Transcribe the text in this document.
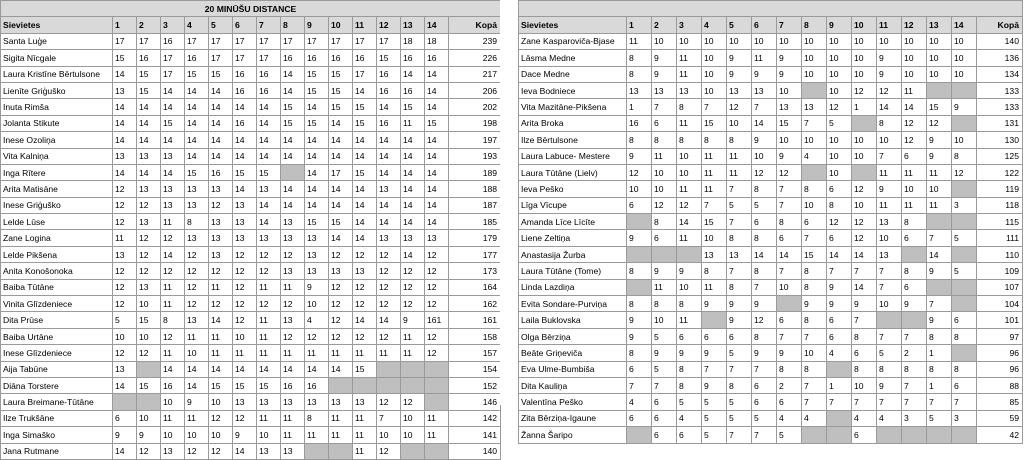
20 MINŪŠU DISTANCE															
Sievietes	1	2	3	4	5	6	7	8	9	10	11	12	13	14	Kopā
Santa Luģe	17	17	16	17	17	17	17	17	17	17	17	17	18	18	239
Sigita Nīcgale	15	16	17	16	17	17	17	16	16	16	16	15	16	16	226
Laura Kristīne Bērtulsone	14	15	17	15	15	16	16	14	15	15	17	16	14	14	217
Lienīte Griģuško	13	15	14	14	14	16	16	14	15	15	14	16	16	14	206
Inuta Rimša	14	14	14	14	14	14	14	15	14	15	15	14	15	14	202
Jolanta Stikute	14	14	15	14	14	16	14	15	15	14	15	16	11	15	198
Inese Ozoliņa	14	14	14	14	14	14	14	14	14	14	14	14	14	14	197
Vita Kalniņa	13	13	13	14	14	14	14	14	14	14	14	14	14	14	193
Inga Rītere	14	14	14	15	16	15	15		14	17	15	14	14	14	189
Arita Matisāne	12	13	13	13	13	14	13	14	14	14	14	13	14	14	188
Inese Griģuško	12	12	13	13	12	13	14	14	14	14	14	14	14	14	187
Lelde Lūse	12	13	11	8	13	13	14	13	15	15	14	14	14	14	185
Zane Logina	11	12	12	13	13	13	13	13	13	14	14	13	13	13	179
Lelde Pikšena	13	12	14	12	13	12	12	12	13	12	12	12	14	12	177
Anita Konošonoka	12	12	12	12	12	12	12	13	13	13	13	12	12	12	173
Baiba Tūtāne	12	13	11	12	11	12	11	11	9	12	12	12	12	12	164
Vinita Glīzdeniece	12	10	11	12	12	12	12	12	10	12	12	12	12	12	162
Dita Prūse	5	15	8	13	14	12	11	13	4	12	14	14	9	161	161
Baiba Urtāne	10	10	12	11	11	10	11	12	12	12	12	12	11	12	158
Inese Glīzdeniece	12	12	11	10	11	11	11	11	11	11	11	11	11	12	157
Aija Tabūne	13		14	14	14	14	14	14	14	14	15				154
Diāna Torstere	14	15	16	14	15	15	15	16	16						152
Laura Breimane-Tūtāne			10	9	10	13	13	13	13	13	13	12	12		146
Ilze Trukšāne	6	10	11	11	12	12	11	11	8	11	11	7	10	11	142
Inga Simaško	9	9	10	10	10	9	10	11	11	11	11	10	10	11	141
Jana Rutmane	14	12	13	12	12	14	13	13			11	12			140

Sievietes	1	2	3	4	5	6	7	8	9	10	11	12	13	14	Kopā
Zane Kasparoviča-Bjase	11	10	10	10	10	10	10	10	10	10	10	10	10	10	140
Lāsma Medne	8	9	11	10	9	11	9	10	10	10	9	10	10	10	136
Dace Medne	8	9	11	10	9	9	9	10	10	10	9	10	10	10	134
Ieva Bodniece	13	13	13	10	13	13	10		10	12	12	11			133
Vita Mazitāne-Pikšena	1	7	8	7	12	7	13	13	12	1	14	14	15	9	133
Arita Broka	16	6	11	15	10	14	15	7	5		8	12	12		131
Ilze Bērtulsone	8	8	8	8	8	9	10	10	10	10	10	12	9	10	130
Laura Labuce- Mestere	9	11	10	11	11	10	9	4	10	10	7	6	9	8	125
Laura Tūtāne (Lielv)	12	10	10	11	11	12	12		10		11	11	11	12	122
Ieva Peško	10	10	11	11	7	8	7	8	6	12	9	10	10		119
Līga Vīcupe	6	12	12	7	5	5	7	10	8	10	11	11	11	3	118
Amanda Līce Līcīte		8	14	15	7	6	8	6	12	12	13	8			115
Liene Zeltiņa	9	6	11	10	8	8	6	7	6	12	10	6	7	5	111
Anastasija Žurba				13	13	14	14	15	14	14	13		14		110
Laura Tūtāne (Tome)	8	9	9	8	7	8	7	8	7	7	7	8	9	5	109
Linda Lazdiņa		11	10	11	8	7	10	8	9	14	7	6			107
Evita Sondare-Purviņa	8	8	8	9	9	9		9	9	9	10	9	7		104
Laila Buklovska	9	10	11		9	12	6	8	6	7			9	6	101
Olga Bērziņa	9	5	6	6	6	8	7	7	6	8	7	7	8	8	97
Beāte Griņeviča	8	9	9	9	5	9	9	10	4	6	5	2	1		96
Eva Ulme-Bumbiša	6	5	8	7	7	7	8	8		8	8	8	8	8	96
Dita Kauliņa	7	7	8	9	8	6	2	7	1	10	9	7	1	6	88
Valentīna Peško	4	6	5	5	5	6	6	7	7	7	7	7	7	7	85
Zita Bērziņa-Igaune	6	6	4	5	5	5	4	4		4	4	3	5	3	59
Žanna Šaripo		6	6	5	7	7	5			6					42
